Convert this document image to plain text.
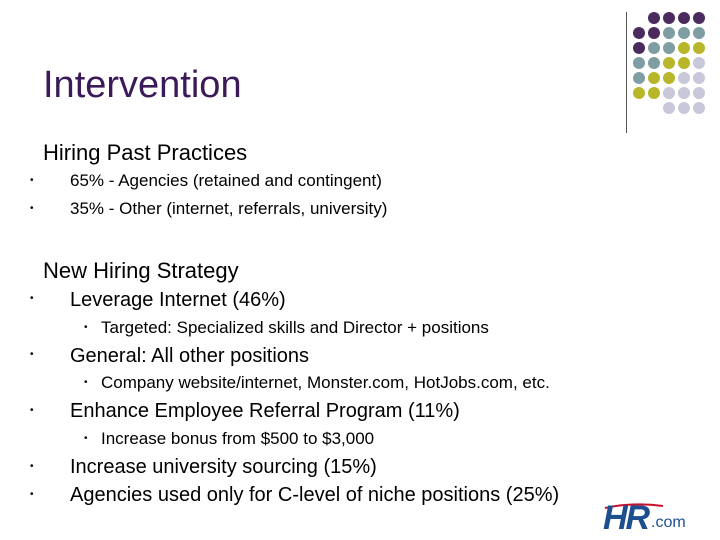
Intervention
Hiring Past Practices
• 65% - Agencies (retained and contingent)
• 35% - Other (internet, referrals, university)
New Hiring Strategy
• Leverage Internet (46%)
• Targeted: Specialized skills and Director + positions
• General: All other positions
• Company website/internet, Monster.com, HotJobs.com, etc.
• Enhance Employee Referral Program (11%)
• Increase bonus from $500 to $3,000
• Increase university sourcing (15%)
• Agencies used only for C-level of niche positions (25%)
HR .com
